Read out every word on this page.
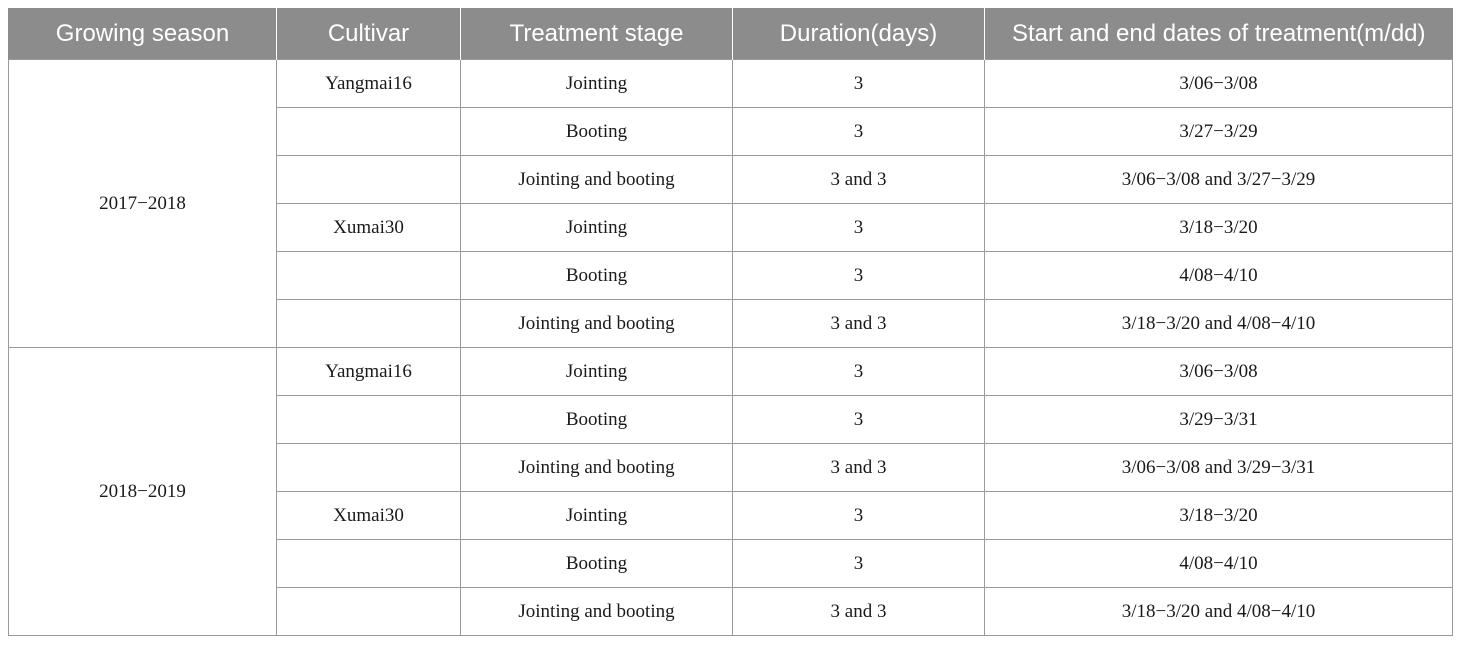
Growing season	Cultivar	Treatment stage	Duration(days)	Start and end dates of treatment(m/dd)
2017−2018	Yangmai16	Jointing	3	3/06−3/08
		Booting	3	3/27−3/29
		Jointing and booting	3 and 3	3/06−3/08 and 3/27−3/29
	Xumai30	Jointing	3	3/18−3/20
		Booting	3	4/08−4/10
		Jointing and booting	3 and 3	3/18−3/20 and 4/08−4/10
2018−2019	Yangmai16	Jointing	3	3/06−3/08
		Booting	3	3/29−3/31
		Jointing and booting	3 and 3	3/06−3/08 and 3/29−3/31
	Xumai30	Jointing	3	3/18−3/20
		Booting	3	4/08−4/10
		Jointing and booting	3 and 3	3/18−3/20 and 4/08−4/10
